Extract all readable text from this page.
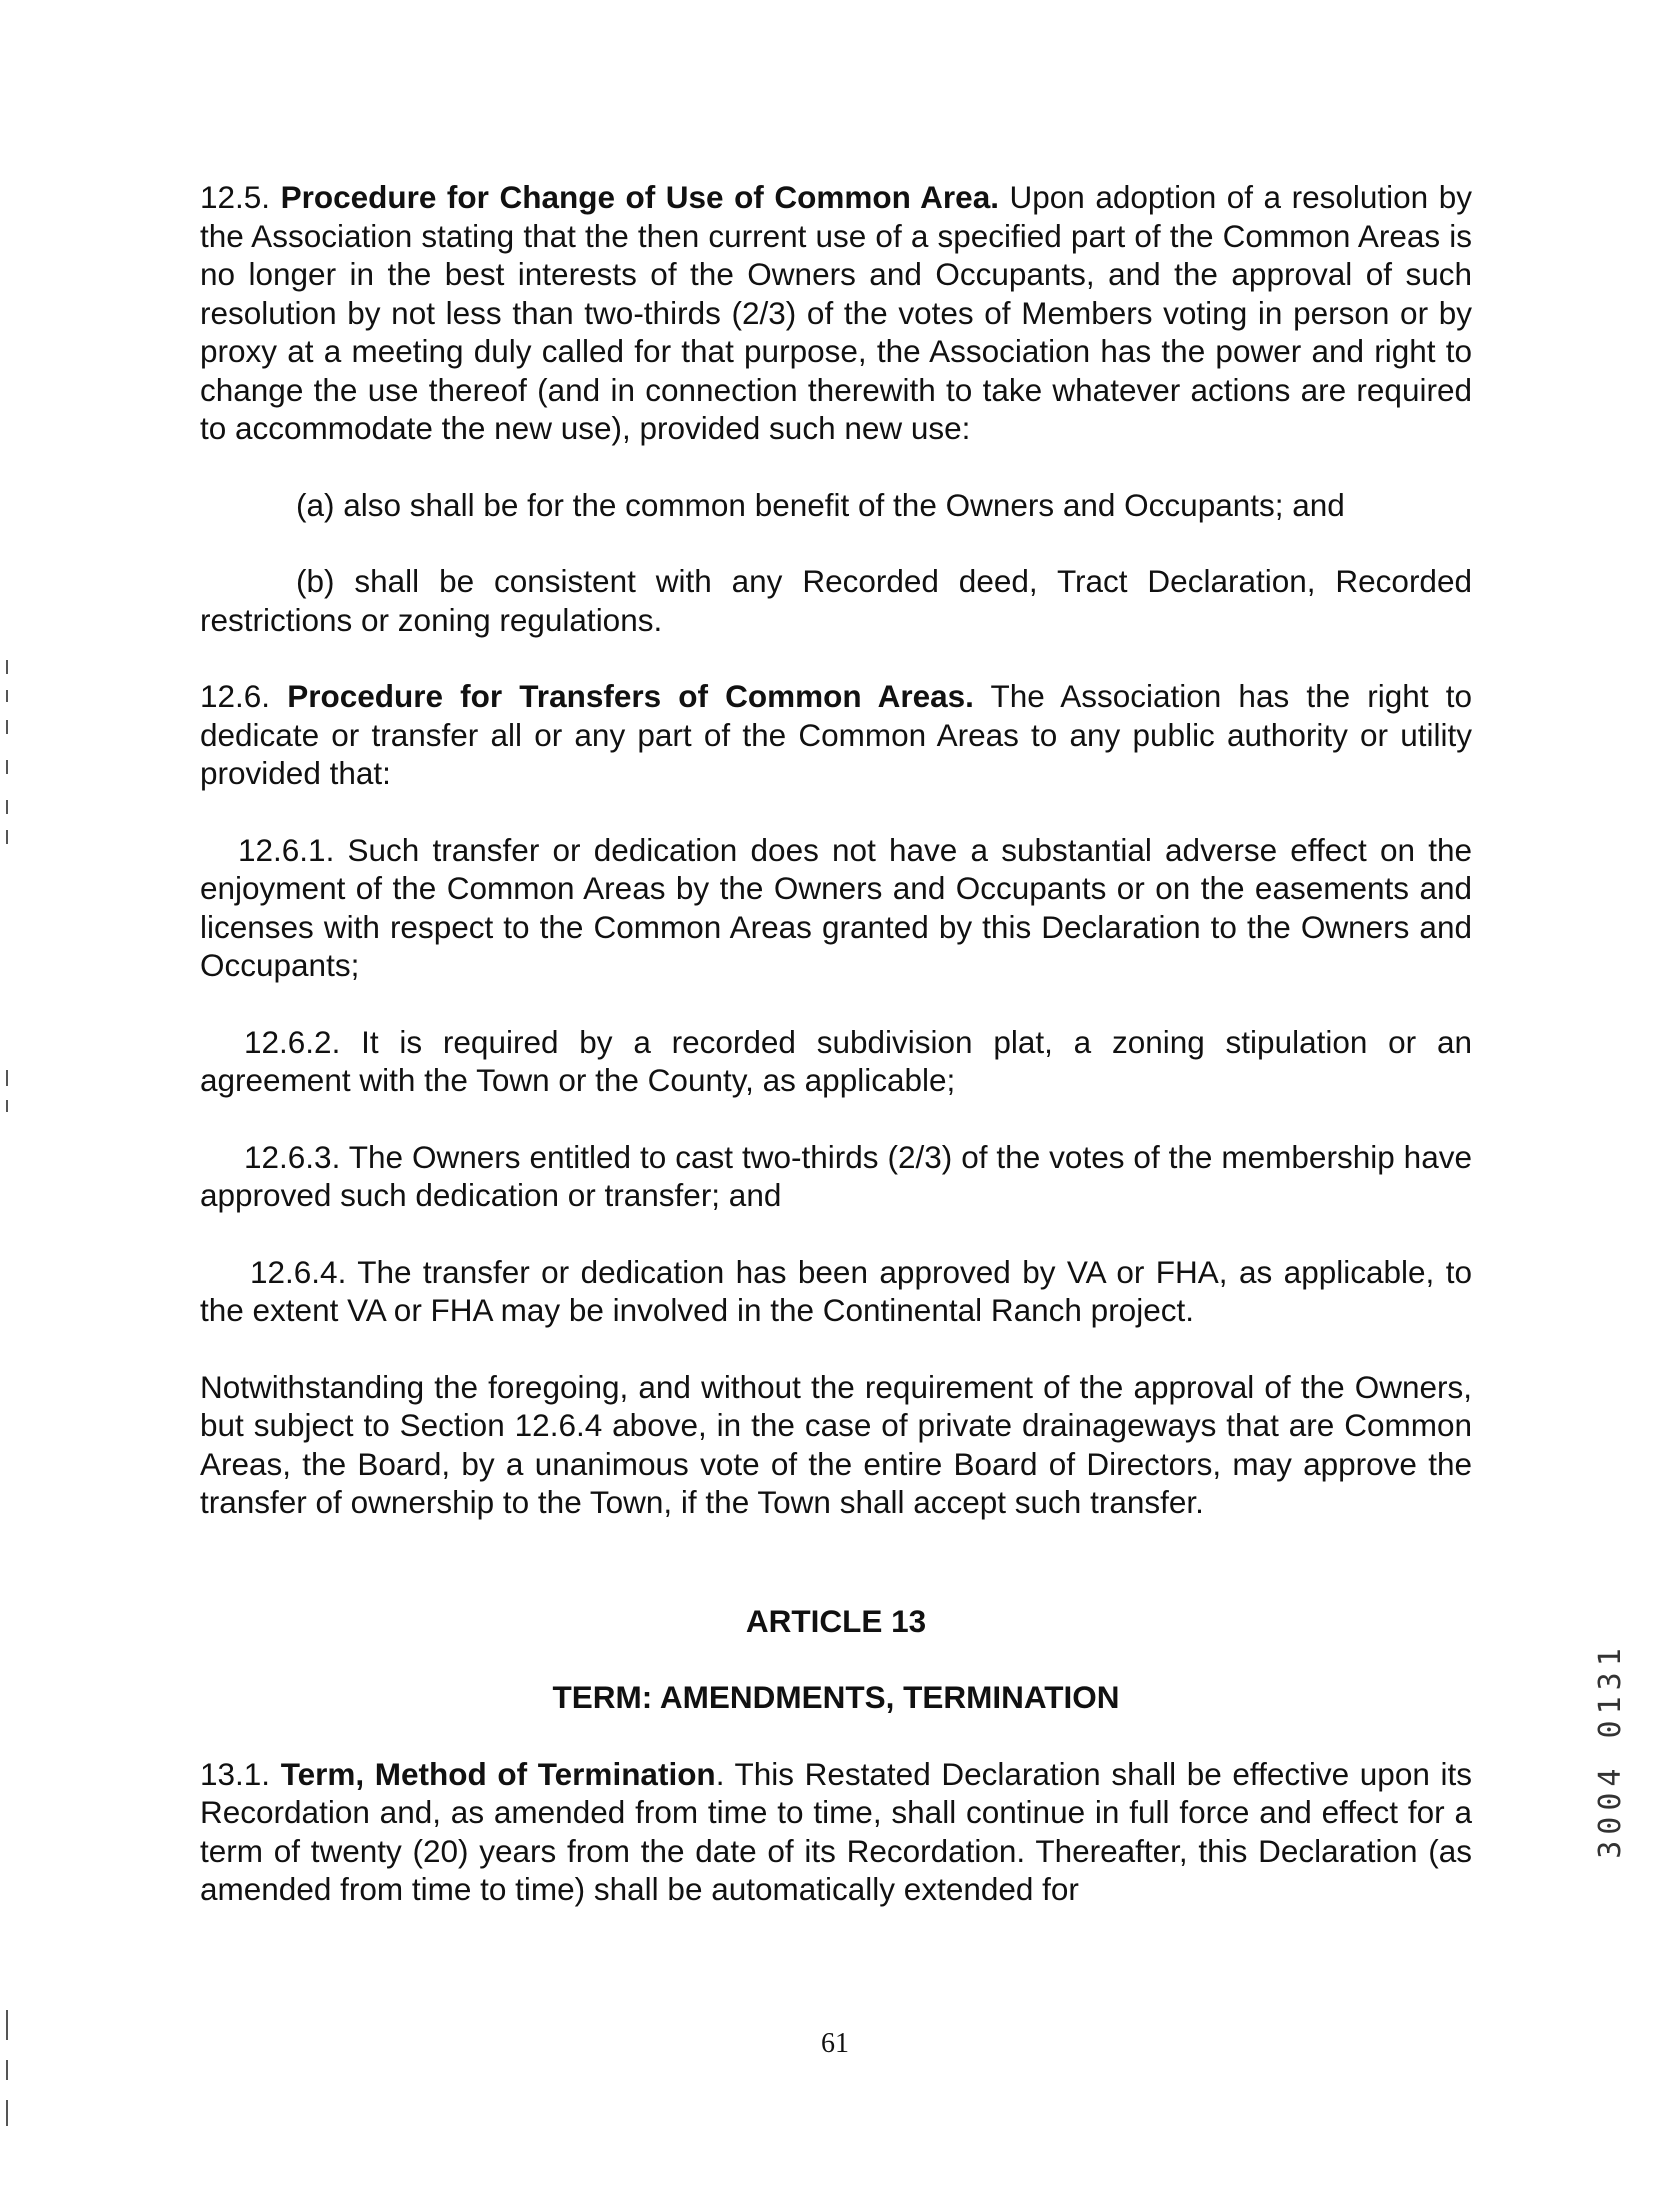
12.5. Procedure for Change of Use of Common Area. Upon adoption of a resolution by the Association stating that the then current use of a specified part of the Common Areas is no longer in the best interests of the Owners and Occupants, and the approval of such resolution by not less than two-thirds (2/3) of the votes of Members voting in person or by proxy at a meeting duly called for that purpose, the Association has the power and right to change the use thereof (and in connection therewith to take whatever actions are required to accommodate the new use), provided such new use:

(a) also shall be for the common benefit of the Owners and Occupants; and

(b) shall be consistent with any Recorded deed, Tract Declaration, Recorded restrictions or zoning regulations.

12.6. Procedure for Transfers of Common Areas. The Association has the right to dedicate or transfer all or any part of the Common Areas to any public authority or utility provided that:

12.6.1. Such transfer or dedication does not have a substantial adverse effect on the enjoyment of the Common Areas by the Owners and Occupants or on the easements and licenses with respect to the Common Areas granted by this Declaration to the Owners and Occupants;

12.6.2. It is required by a recorded subdivision plat, a zoning stipulation or an agreement with the Town or the County, as applicable;

12.6.3. The Owners entitled to cast two-thirds (2/3) of the votes of the membership have approved such dedication or transfer; and

12.6.4. The transfer or dedication has been approved by VA or FHA, as applicable, to the extent VA or FHA may be involved in the Continental Ranch project.

Notwithstanding the foregoing, and without the requirement of the approval of the Owners, but subject to Section 12.6.4 above, in the case of private drainageways that are Common Areas, the Board, by a unanimous vote of the entire Board of Directors, may approve the transfer of ownership to the Town, if the Town shall accept such transfer.

ARTICLE 13

TERM: AMENDMENTS, TERMINATION

13.1. Term, Method of Termination. This Restated Declaration shall be effective upon its Recordation and, as amended from time to time, shall continue in full force and effect for a term of twenty (20) years from the date of its Recordation. Thereafter, this Declaration (as amended from time to time) shall be automatically extended for

3004 0131
61
